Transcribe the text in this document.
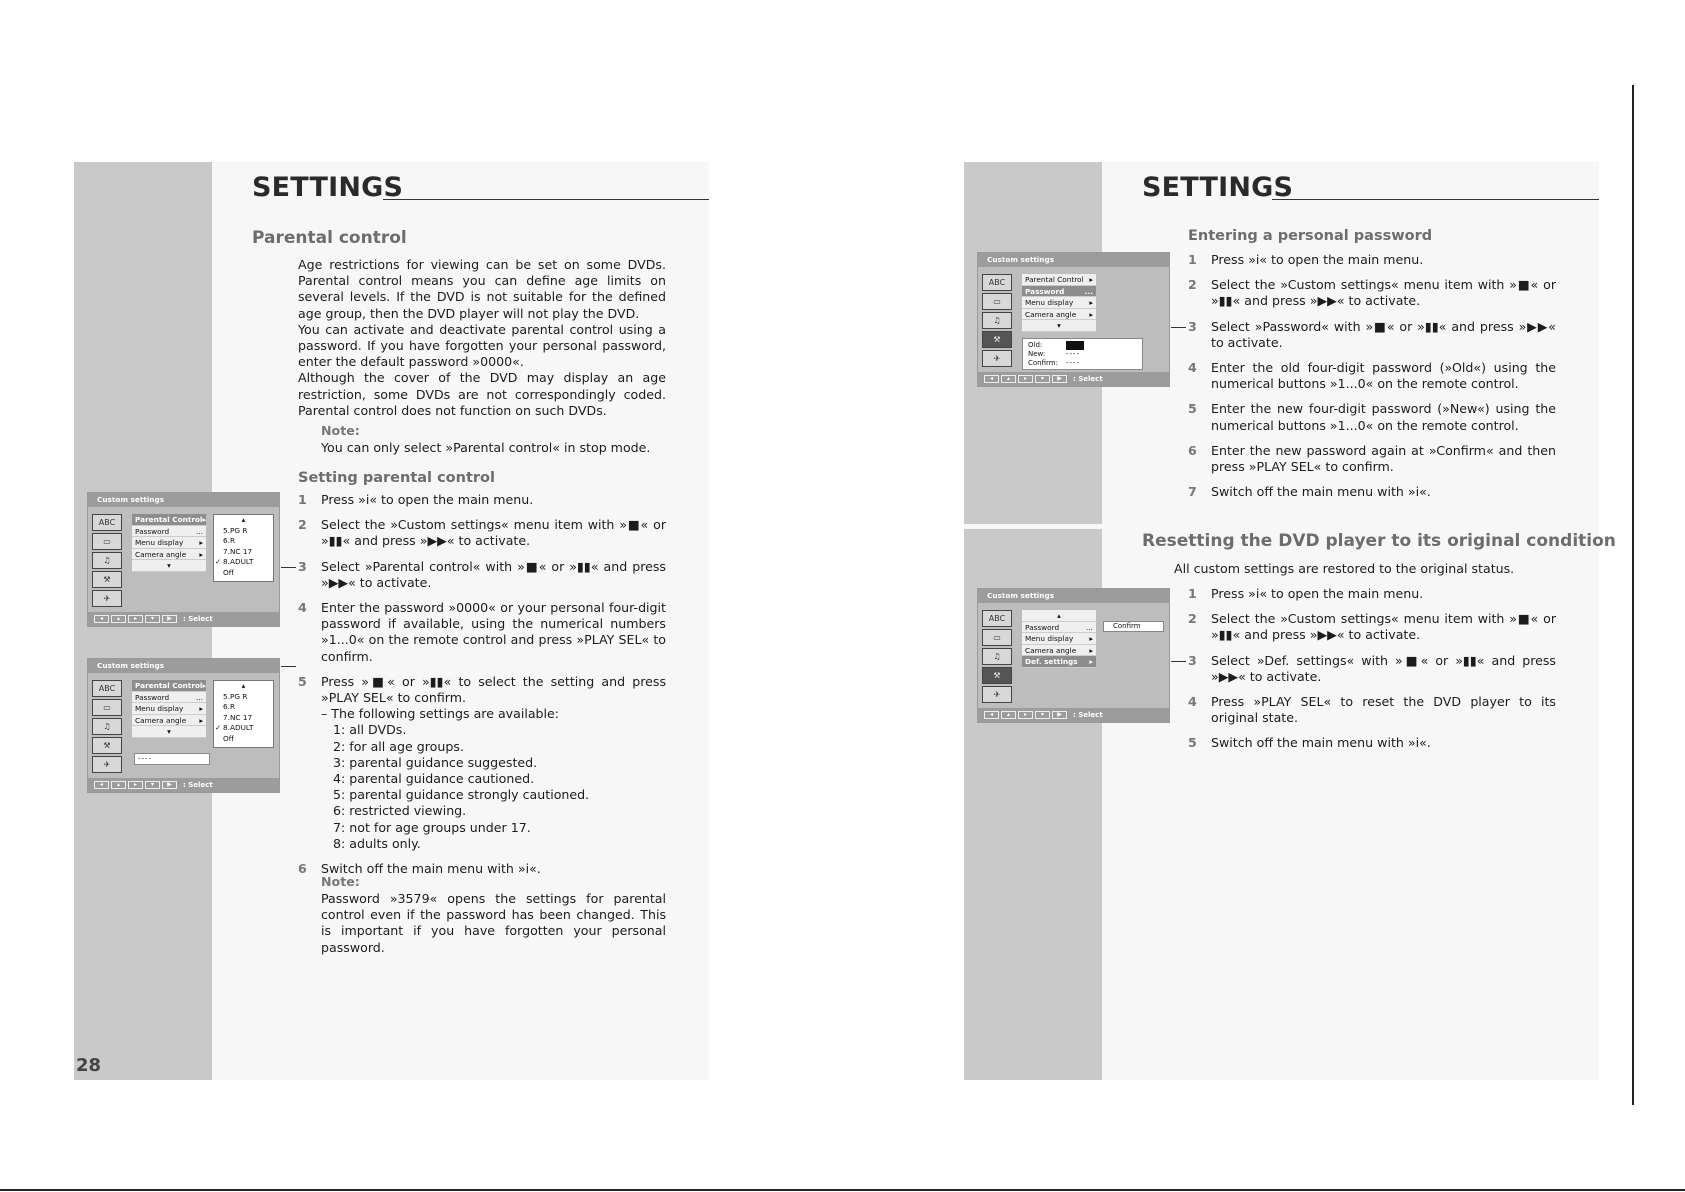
SETTINGS
Parental control
Age restrictions for viewing can be set on some DVDs. Parental control means you can define age limits on several levels. If the DVD is not suitable for the defined age group, then the DVD player will not play the DVD.
You can activate and deactivate parental control using a password. If you have forgotten your personal password, enter the default password »0000«.
Although the cover of the DVD may display an age restriction, some DVDs are not correspondingly coded. Parental control does not function on such DVDs.
Note:
You can only select »Parental control« in stop mode.
Setting parental control
1	Press »i« to open the main menu.
2	Select the »Custom settings« menu item with »■« or »▮▮« and press »▶▶« to activate.
3	Select »Parental control« with »■« or »▮▮« and press »▶▶« to activate.
4	Enter the password »0000« or your personal four-digit password if available, using the numerical numbers »1...0« on the remote control and press »PLAY SEL« to confirm.
5	Press »■« or »▮▮« to select the setting and press »PLAY SEL« to confirm.
– The following settings are available:
1: all DVDs.
2: for all age groups.
3: parental guidance suggested.
4: parental guidance cautioned.
5: parental guidance strongly cautioned.
6: restricted viewing.
7: not for age groups under 17.
8: adults only.
6	Switch off the main menu with »i«.
Note:
Password »3579« opens the settings for parental control even if the password has been changed. This is important if you have forgotten your personal password.
28
Custom settings
ABC
▭
♫
⚒
✈
Parental Control ▸
Password	...
Menu display ▸
Camera angle ▸
▾
▴
5.PG R
6.R
7.NC 17
✓ 8.ADULT
Off
◂	▴	▸	▾	▶	: Select
Custom settings
ABC
▭
♫
⚒
✈
Parental Control ▸
Password	...
Menu display ▸
Camera angle ▸
▾
▴
5.PG R
6.R
7.NC 17
✓ 8.ADULT
Off
----
◂	▴	▸	▾	▶	: Select
SETTINGS
Entering a personal password
1	Press »i« to open the main menu.
2	Select the »Custom settings« menu item with »■« or »▮▮« and press »▶▶« to activate.
3	Select »Password« with »■« or »▮▮« and press »▶▶« to activate.
4	Enter the old four-digit password (»Old«) using the numerical buttons »1...0« on the remote control.
5	Enter the new four-digit password (»New«) using the numerical buttons »1...0« on the remote control.
6	Enter the new password again at »Confirm« and then press »PLAY SEL« to confirm.
7	Switch off the main menu with »i«.
Resetting the DVD player to its original condition
All custom settings are restored to the original status.
1	Press »i« to open the main menu.
2	Select the »Custom settings« menu item with »■« or »▮▮« and press »▶▶« to activate.
3	Select »Def. settings« with »■« or »▮▮« and press »▶▶« to activate.
4	Press »PLAY SEL« to reset the DVD player to its original state.
5	Switch off the main menu with »i«.
Custom settings
ABC
▭
♫
⚒
✈
Parental Control ▸
Password	...
Menu display ▸
Camera angle ▸
▾
Old:	----
New:	----
Confirm: ----
◂	▴	▸	▾	▶	: Select
Custom settings
ABC
▭
♫
⚒
✈
▴
Password	...
Menu display ▸
Camera angle ▸
Def. settings ▸
Confirm
◂	▴	▸	▾	▶	: Select
